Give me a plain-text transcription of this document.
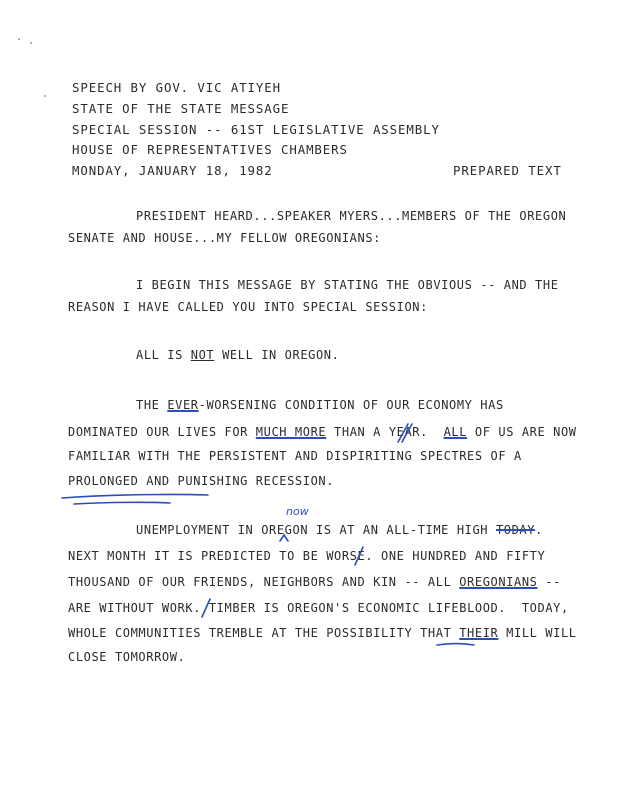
SPEECH BY GOV. VIC ATIYEH
STATE OF THE STATE MESSAGE
SPECIAL SESSION -- 61ST LEGISLATIVE ASSEMBLY
HOUSE OF REPRESENTATIVES CHAMBERS
MONDAY, JANUARY 18, 1982	PREPARED TEXT
PRESIDENT HEARD...SPEAKER MYERS...MEMBERS OF THE OREGON
SENATE AND HOUSE...MY FELLOW OREGONIANS:
I BEGIN THIS MESSAGE BY STATING THE OBVIOUS -- AND THE
REASON I HAVE CALLED YOU INTO SPECIAL SESSION:
ALL IS NOT WELL IN OREGON.
THE EVER-WORSENING CONDITION OF OUR ECONOMY HAS
DOMINATED OUR LIVES FOR MUCH MORE THAN A YEAR.  ALL OF US ARE NOW
FAMILIAR WITH THE PERSISTENT AND DISPIRITING SPECTRES OF A
PROLONGED AND PUNISHING RECESSION.
now
UNEMPLOYMENT IN OREGON IS AT AN ALL-TIME HIGH TODAY.
NEXT MONTH IT IS PREDICTED TO BE WORSE. ONE HUNDRED AND FIFTY
THOUSAND OF OUR FRIENDS, NEIGHBORS AND KIN -- ALL OREGONIANS --
ARE WITHOUT WORK. TIMBER IS OREGON'S ECONOMIC LIFEBLOOD.  TODAY,
WHOLE COMMUNITIES TREMBLE AT THE POSSIBILITY THAT THEIR MILL WILL
CLOSE TOMORROW.
